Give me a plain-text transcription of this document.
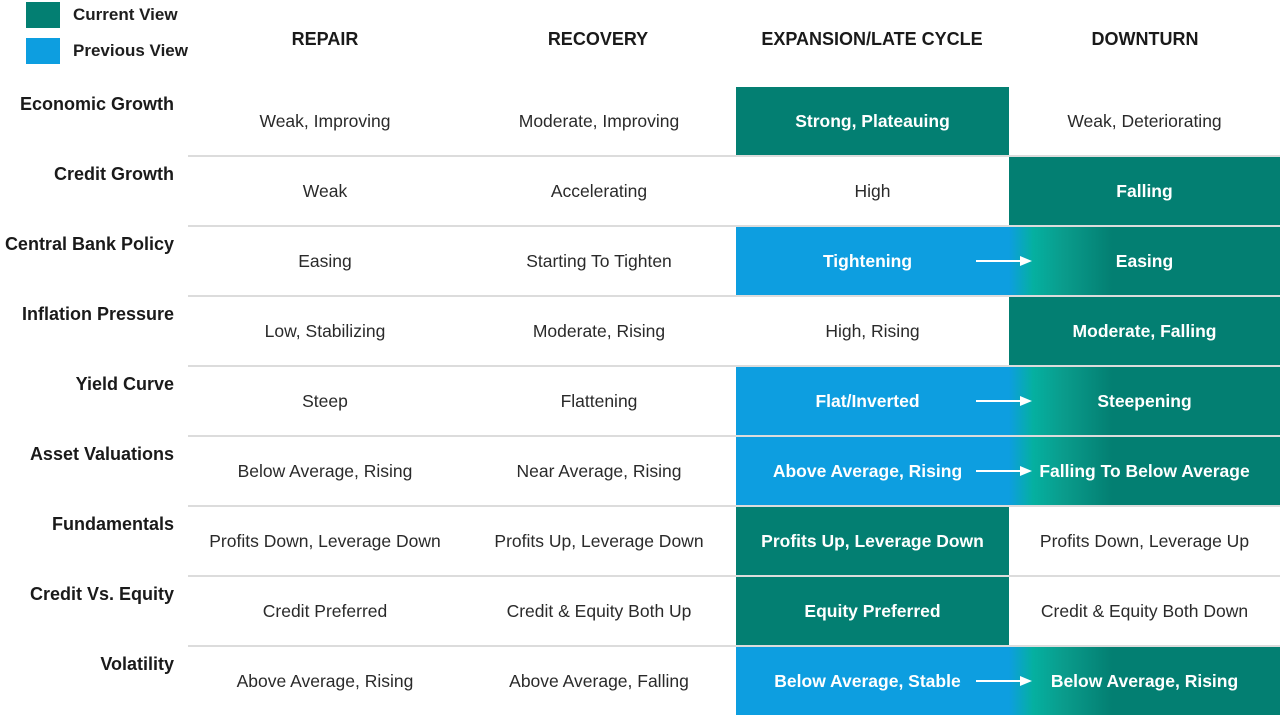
Current View
Previous View
REPAIR	RECOVERY	EXPANSION/LATE CYCLE	DOWNTURN
Economic Growth
Weak, Improving	Moderate, Improving	Strong, Plateauing	Weak, Deteriorating
Credit Growth
Weak	Accelerating	High	Falling
Central Bank Policy
Easing	Starting To Tighten	Tightening	Easing
Inflation Pressure
Low, Stabilizing	Moderate, Rising	High, Rising	Moderate, Falling
Yield Curve
Steep	Flattening	Flat/Inverted	Steepening
Asset Valuations
Below Average, Rising	Near Average, Rising	Above Average, Rising	Falling To Below Average
Fundamentals
Profits Down, Leverage Down	Profits Up, Leverage Down	Profits Up, Leverage Down	Profits Down, Leverage Up
Credit Vs. Equity
Credit Preferred	Credit & Equity Both Up	Equity Preferred	Credit & Equity Both Down
Volatility
Above Average, Rising	Above Average, Falling	Below Average, Stable	Below Average, Rising
